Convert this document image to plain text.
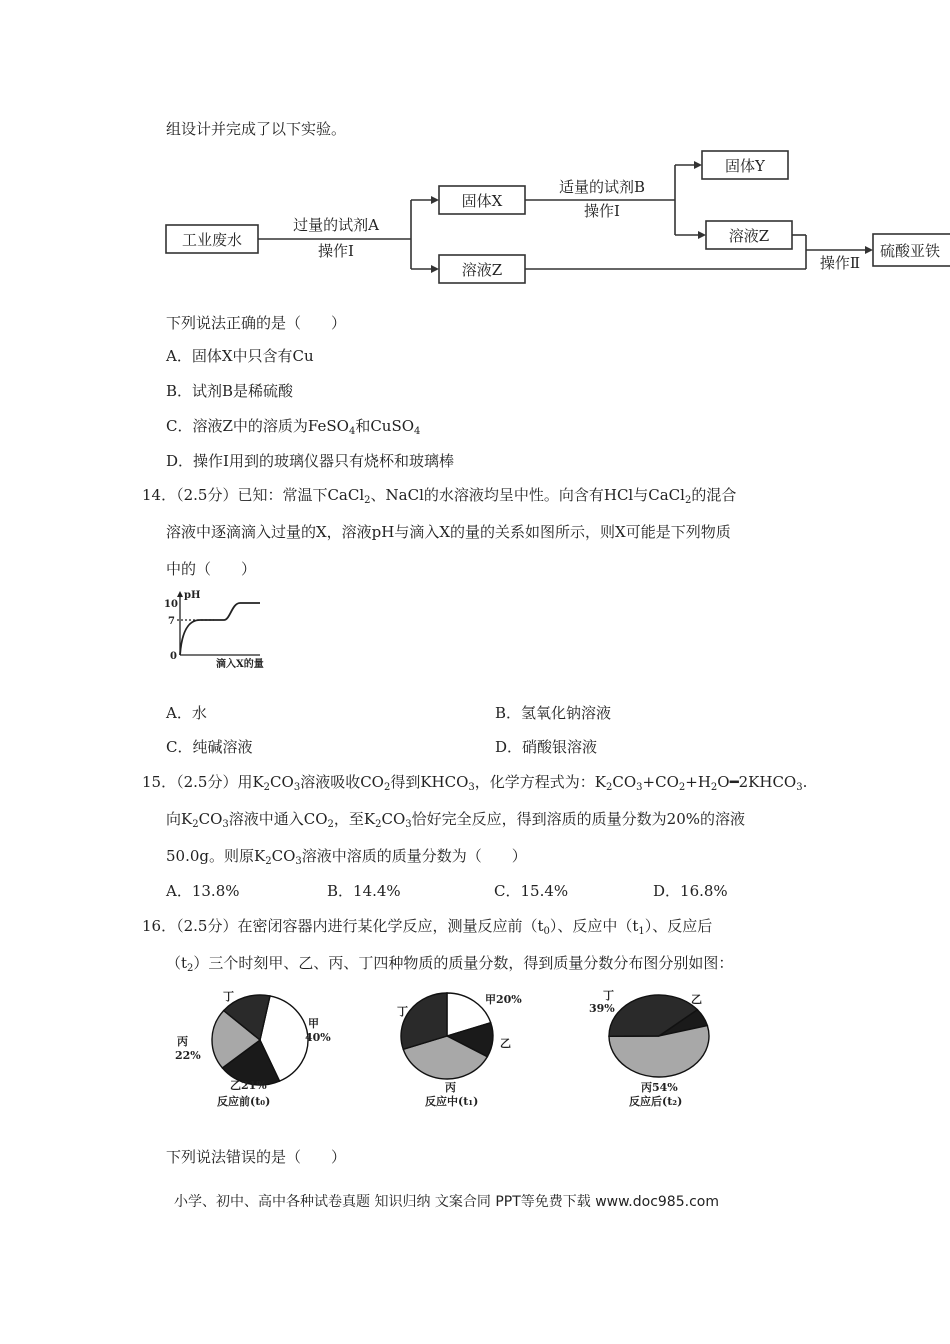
组设计并完成了以下实验。
工业废水
过量的试剂A
操作Ⅰ
固体X
溶液Z
适量的试剂B
操作Ⅰ
固体Y
溶液Z
操作Ⅱ
硫酸亚铁
下列说法正确的是（　　）
A．固体X中只含有Cu
B．试剂B是稀硫酸
C．溶液Z中的溶质为FeSO$_4$和CuSO$_4$
D．操作I用到的玻璃仪器只有烧杯和玻璃棒
14．（2.5分）已知：常温下CaCl$_2$、NaCl的水溶液均呈中性。向含有HCl与CaCl$_2$的混合
溶液中逐滴滴入过量的X，溶液pH与滴入X的量的关系如图所示，则X可能是下列物质
中的（　　）
pH
10
7
0
滴入X的量
A．水	B．氢氧化钠溶液
C．纯碱溶液	D．硝酸银溶液
15．（2.5分）用$K_2CO_3$溶液吸收$CO_2$得到$KHCO_3$，化学方程式为：$K_2CO_3+CO_2+H_2O━2KHCO_3$.
向$K_2CO_3$溶液中通入$CO_2$，至$K_2CO_3$恰好完全反应，得到溶质的质量分数为20%的溶液
50.0g。则原$K_2CO_3$溶液中溶质的质量分数为（　　）
A．13.8%	B．14.4%	C．15.4%	D．16.8%
16．（2.5分）在密闭容器内进行某化学反应，测量反应前$(t_0)$、反应中$(t_1)$、反应后
$(t_2)$三个时刻甲、乙、丙、丁四种物质的质量分数，得到质量分数分布图分别如图：
丁
甲
40%
丙
22%
乙21%
反应前(t₀)
丁
甲20%
乙
丙
反应中(t₁)
丁
39%
乙
丙54%
反应后(t₂)
下列说法错误的是（　　）
小学、初中、高中各种试卷真题 知识归纳 文案合同 PPT等免费下载 www.doc985.com
